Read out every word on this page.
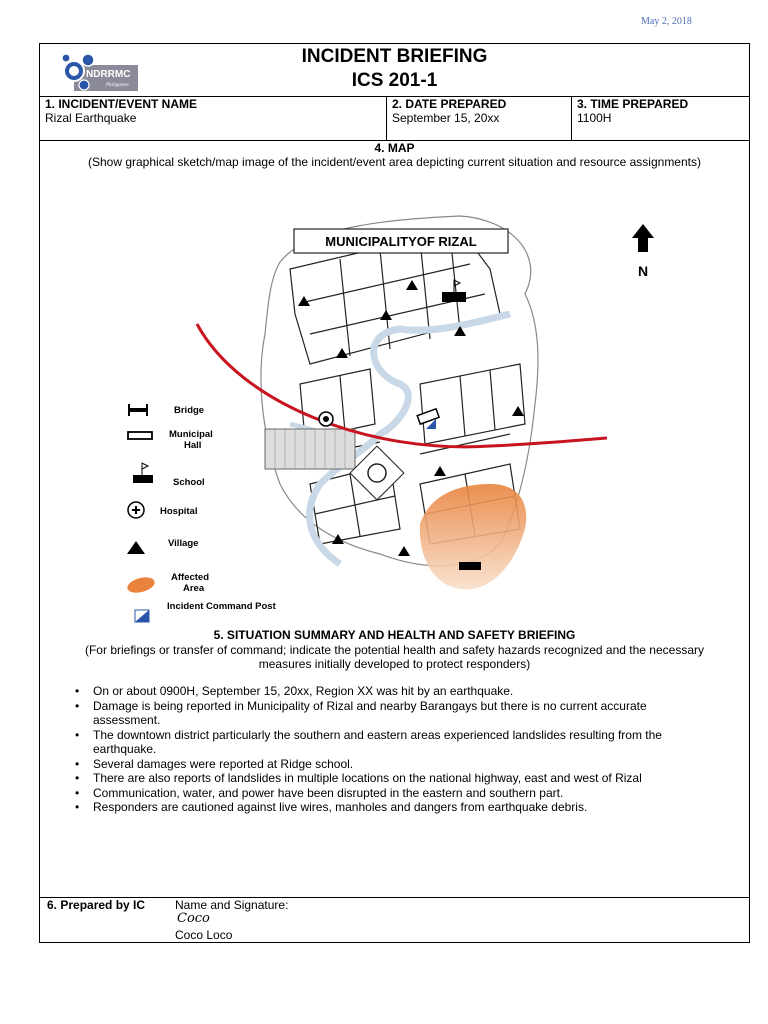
May 2, 2018
NDRRMC
Philippines
INCIDENT BRIEFING
ICS 201-1
1. INCIDENT/EVENT NAME
Rizal Earthquake
2. DATE PREPARED
September 15, 20xx
3. TIME PREPARED
1100H
4. MAP
(Show graphical sketch/map image of the incident/event area depicting current situation and resource assignments)
MUNICIPALITYOF RIZAL
N
Bridge
Municipal
Hall
School
Hospital
Village
Affected
Area
Incident Command Post
5. SITUATION SUMMARY AND HEALTH AND SAFETY BRIEFING
(For briefings or transfer of command; indicate the potential health and safety hazards recognized and the necessary
measures initially developed to protect responders)
• On or about 0900H, September 15, 20xx, Region XX was hit by an earthquake.
• Damage is being reported in Municipality of Rizal and nearby Barangays but there is no current accurate assessment.
• The downtown district particularly the southern and eastern areas experienced landslides resulting from the earthquake.
• Several damages were reported at Ridge school.
• There are also reports of landslides in multiple locations on the national highway, east and west of Rizal
• Communication, water, and power have been disrupted in the eastern and southern part.
• Responders are cautioned against live wires, manholes and dangers from earthquake debris.
6. Prepared by IC Name and Signature:
Coco
Coco Loco
